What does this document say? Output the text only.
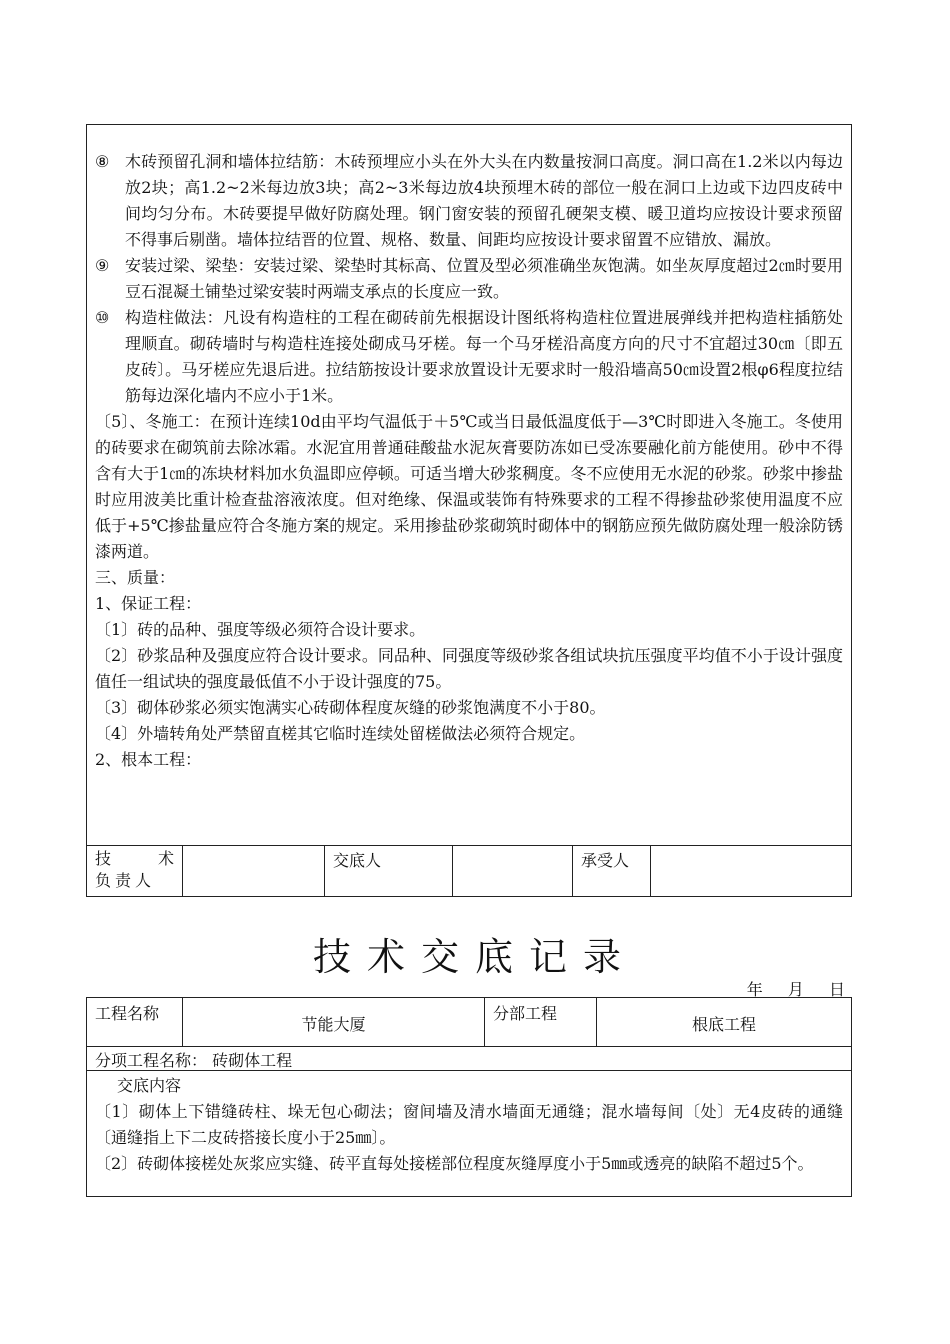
⑧ 木砖预留孔洞和墙体拉结筋：木砖预埋应小头在外大头在内数量按洞口高度。洞口高在1.2米以内每边放2块；高1.2~2米每边放3块；高2~3米每边放4块预埋木砖的部位一般在洞口上边或下边四皮砖中间均匀分布。木砖要提早做好防腐处理。钢门窗安装的预留孔硬架支模、暖卫道均应按设计要求预留不得事后剔凿。墙体拉结晋的位置、规格、数量、间距均应按设计要求留置不应错放、漏放。
⑨ 安装过梁、梁垫：安装过梁、梁垫时其标高、位置及型必须准确坐灰饱满。如坐灰厚度超过2㎝时要用豆石混凝土铺垫过梁安装时两端支承点的长度应一致。
⑩ 构造柱做法：凡设有构造柱的工程在砌砖前先根据设计图纸将构造柱位置进展弹线并把构造柱插筋处理顺直。砌砖墙时与构造柱连接处砌成马牙槎。每一个马牙槎沿高度方向的尺寸不宜超过30㎝〔即五皮砖〕。马牙槎应先退后进。拉结筋按设计要求放置设计无要求时一般沿墙高50㎝设置2根φ6程度拉结筋每边深化墙内不应小于1米。
〔5〕、冬施工：在预计连续10d由平均气温低于＋5℃或当日最低温度低于—3℃时即进入冬施工。冬使用的砖要求在砌筑前去除冰霜。水泥宜用普通硅酸盐水泥灰膏要防冻如已受冻要融化前方能使用。砂中不得含有大于1㎝的冻块材料加水负温即应停顿。可适当增大砂浆稠度。冬不应使用无水泥的砂浆。砂浆中掺盐时应用波美比重计检查盐溶液浓度。但对绝缘、保温或装饰有特殊要求的工程不得掺盐砂浆使用温度不应低于+5℃掺盐量应符合冬施方案的规定。采用掺盐砂浆砌筑时砌体中的钢筋应预先做防腐处理一般涂防锈漆两道。
三、质量：
1、保证工程：
〔1〕砖的品种、强度等级必须符合设计要求。
〔2〕砂浆品种及强度应符合设计要求。同品种、同强度等级砂浆各组试块抗压强度平均值不小于设计强度值任一组试块的强度最低值不小于设计强度的75。
〔3〕砌体砂浆必须实饱满实心砖砌体程度灰缝的砂浆饱满度不小于80。
〔4〕外墙转角处严禁留直槎其它临时连续处留槎做法必须符合规定。
2、根本工程：
技	术
负责人
交底人	承受人
技术交底记录
年 月 日
工程名称
节能大厦
分部工程
根底工程
分项工程名称： 砖砌体工程
交底内容
〔1〕砌体上下错缝砖柱、垛无包心砌法；窗间墙及清水墙面无通缝；混水墙每间〔处〕无4皮砖的通缝〔通缝指上下二皮砖搭接长度小于25㎜〕。
〔2〕砖砌体接槎处灰浆应实缝、砖平直每处接槎部位程度灰缝厚度小于5㎜或透亮的缺陷不超过5个。
